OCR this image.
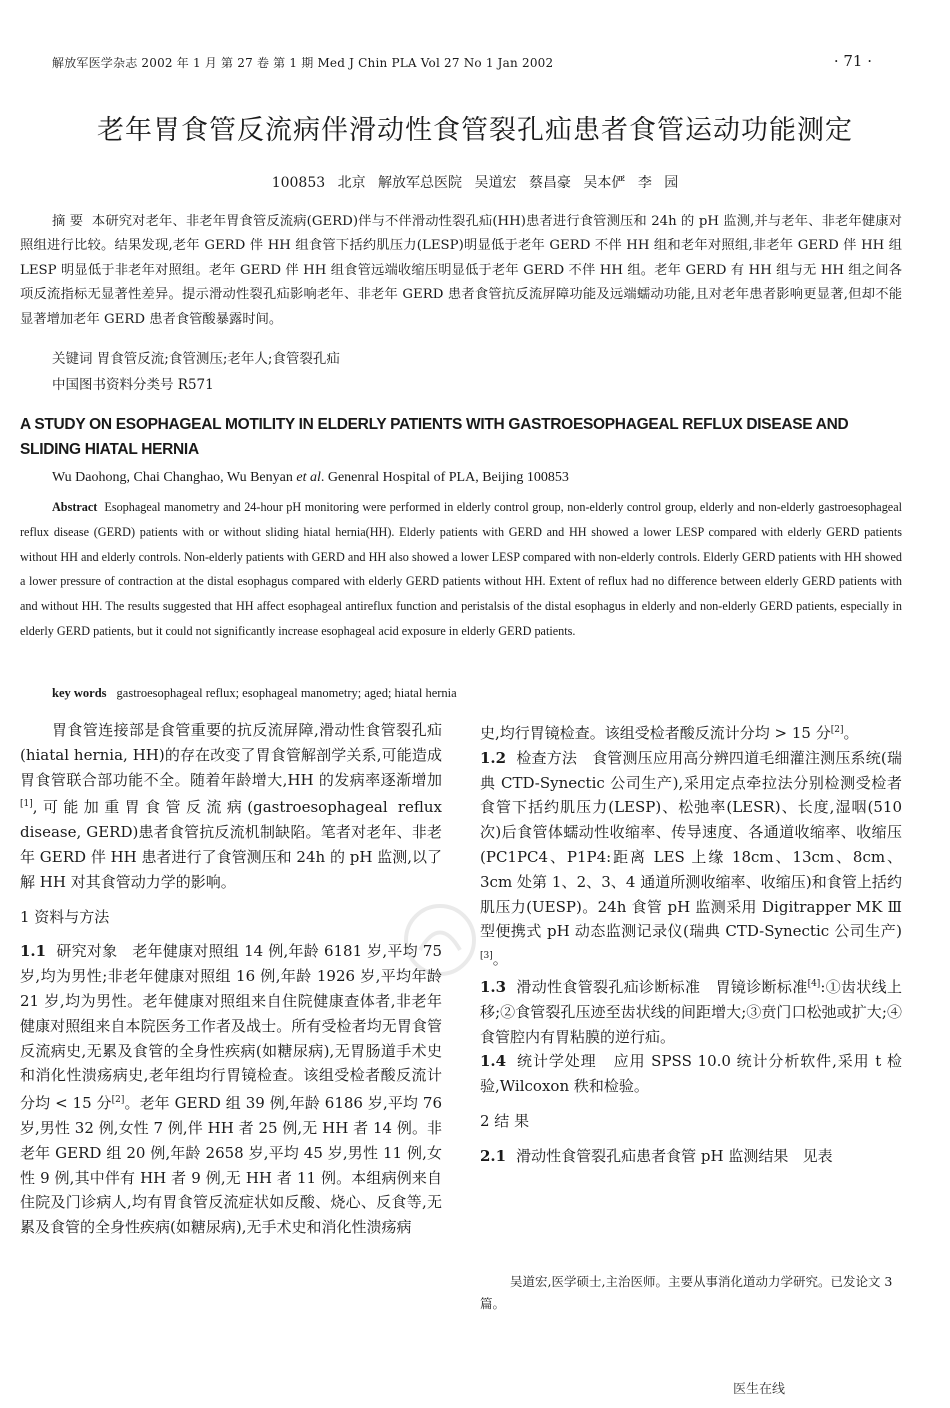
解放军医学杂志 2002 年 1 月 第 27 卷 第 1 期 Med J Chin PLA Vol 27 No 1 Jan 2002	· 71 ·
老年胃食管反流病伴滑动性食管裂孔疝患者食管运动功能测定
100853 北京 解放军总医院 吴道宏 蔡昌豪 吴本俨 李 园
摘 要 本研究对老年、非老年胃食管反流病(GERD)伴与不伴滑动性裂孔疝(HH)患者进行食管测压和 24h 的 pH 监测,并与老年、非老年健康对照组进行比较。结果发现,老年 GERD 伴 HH 组食管下括约肌压力(LESP)明显低于老年 GERD 不伴 HH 组和老年对照组,非老年 GERD 伴 HH 组 LESP 明显低于非老年对照组。老年 GERD 伴 HH 组食管远端收缩压明显低于老年 GERD 不伴 HH 组。老年 GERD 有 HH 组与无 HH 组之间各项反流指标无显著性差异。提示滑动性裂孔疝影响老年、非老年 GERD 患者食管抗反流屏障功能及远端蠕动功能,且对老年患者影响更显著,但却不能显著增加老年 GERD 患者食管酸暴露时间。
关键词 胃食管反流;食管测压;老年人;食管裂孔疝
中国图书资料分类号 R571
A STUDY ON ESOPHAGEAL MOTILITY IN ELDERLY PATIENTS WITH GASTROESOPHAGEAL REFLUX DISEASE AND SLIDING HIATAL HERNIA
Wu Daohong, Chai Changhao, Wu Benyan et al. Genenral Hospital of PLA, Beijing 100853
Abstract Esophageal manometry and 24-hour pH monitoring were performed in elderly control group, non-elderly control group, elderly and non-elderly gastroesophageal reflux disease (GERD) patients with or without sliding hiatal hernia(HH). Elderly patients with GERD and HH showed a lower LESP compared with elderly GERD patients without HH and elderly controls. Non-elderly patients with GERD and HH also showed a lower LESP compared with non-elderly controls. Elderly GERD patients with HH showed a lower pressure of contraction at the distal esophagus compared with elderly GERD patients without HH. Extent of reflux had no difference between elderly GERD patients with and without HH. The results suggested that HH affect esophageal antireflux function and peristalsis of the distal esophagus in elderly and non-elderly GERD patients, especially in elderly GERD patients, but it could not significantly increase esophageal acid exposure in elderly GERD patients.
key words gastroesophageal reflux; esophageal manometry; aged; hiatal hernia

胃食管连接部是食管重要的抗反流屏障,滑动性食管裂孔疝(hiatal hernia, HH)的存在改变了胃食管解剖学关系,可能造成胃食管联合部功能不全。随着年龄增大,HH 的发病率逐渐增加[1],可能加重胃食管反流病(gastroesophageal reflux disease, GERD)患者食管抗反流机制缺陷。笔者对老年、非老年 GERD 伴 HH 患者进行了食管测压和 24h 的 pH 监测,以了解 HH 对其食管动力学的影响。

1 资料与方法

1.1 研究对象 老年健康对照组 14 例,年龄 6181 岁,平均 75 岁,均为男性;非老年健康对照组 16 例,年龄 1926 岁,平均年龄 21 岁,均为男性。老年健康对照组来自住院健康查体者,非老年健康对照组来自本院医务工作者及战士。所有受检者均无胃食管反流病史,无累及食管的全身性疾病(如糖尿病),无胃肠道手术史和消化性溃疡病史,老年组均行胃镜检查。该组受检者酸反流计分均 < 15 分[2]。老年 GERD 组 39 例,年龄 6186 岁,平均 76 岁,男性 32 例,女性 7 例,伴 HH 者 25 例,无 HH 者 14 例。非老年 GERD 组 20 例,年龄 2658 岁,平均 45 岁,男性 11 例,女性 9 例,其中伴有 HH 者 9 例,无 HH 者 11 例。本组病例来自住院及门诊病人,均有胃食管反流症状如反酸、烧心、反食等,无累及食管的全身性疾病(如糖尿病),无手术史和消化性溃疡病

史,均行胃镜检查。该组受检者酸反流计分均 > 15 分[2]。

1.2 检查方法 食管测压应用高分辨四道毛细灌注测压系统(瑞典 CTD-Synectic 公司生产),采用定点牵拉法分别检测受检者食管下括约肌压力(LESP)、松弛率(LESR)、长度,湿咽(510 次)后食管体蠕动性收缩率、传导速度、各通道收缩率、收缩压(PC1PC4、P1P4:距离 LES 上缘 18cm、13cm、8cm、3cm 处第 1、2、3、4 通道所测收缩率、收缩压)和食管上括约肌压力(UESP)。24h 食管 pH 监测采用 Digitrapper MK Ⅲ型便携式 pH 动态监测记录仪(瑞典 CTD-Synectic 公司生产)[3]。

1.3 滑动性食管裂孔疝诊断标准 胃镜诊断标准[4]:①齿状线上移;②食管裂孔压迹至齿状线的间距增大;③贲门口松弛或扩大;④食管腔内有胃粘膜的逆行疝。

1.4 统计学处理 应用 SPSS 10.0 统计分析软件,采用 t 检验,Wilcoxon 秩和检验。

2 结 果

2.1 滑动性食管裂孔疝患者食管 pH 监测结果 见表

吴道宏,医学硕士,主治医师。主要从事消化道动力学研究。已发论文 3 篇。
医生在线
